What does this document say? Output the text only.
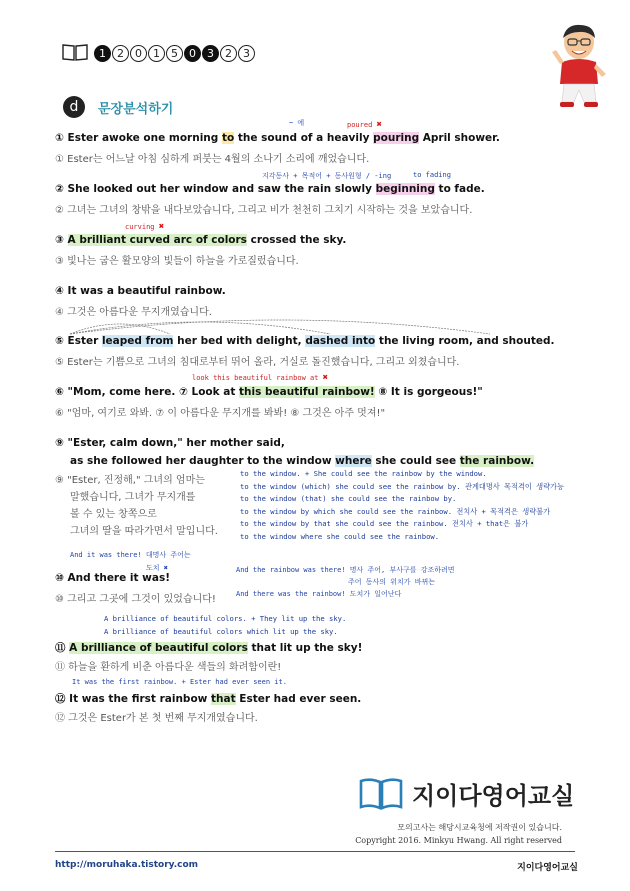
1 2 0 1 5 0 3 2 3
d	문장분석하기
~ 에	poured ✖
① Ester awoke one morning to the sound of a heavily pouring April shower.
① Ester는 어느날 아침 심하게 퍼붓는 4월의 소나기 소리에 깨었습니다.
지각동사 + 목적어 + 동사원형 / -ing	to fading
② She looked out her window and saw the rain slowly beginning to fade.
② 그녀는 그녀의 창밖을 내다보았습니다, 그리고 비가 천천히 그치기 시작하는 것을 보았습니다.
curving ✖
③ A brilliant curved arc of colors crossed the sky.
③ 빛나는 굽은 활모양의 빛들이 하늘을 가로질렀습니다.
④ It was a beautiful rainbow.
④ 그것은 아름다운 무지개였습니다.
⑤ Ester leaped from her bed with delight, dashed into the living room, and shouted.
⑤ Ester는 기쁨으로 그녀의 침대로부터 뛰어 올라, 거실로 돌진했습니다, 그리고 외쳤습니다.
look this beautiful rainbow at ✖
⑥ "Mom, come here. ⑦ Look at this beautiful rainbow! ⑧ It is gorgeous!"
⑥ "엄마, 여기로 와봐. ⑦ 이 아름다운 무지개를 봐봐! ⑧ 그것은 아주 멋져!"
⑨ "Ester, calm down," her mother said,
as she followed her daughter to the window where she could see the rainbow.
⑨ "Ester, 진정해," 그녀의 엄마는
말했습니다, 그녀가 무지개를
볼 수 있는 창쪽으로
그녀의 딸을 따라가면서 말입니다.
to the window. + She could see the rainbow by the window.
to the window (which) she could see the rainbow by. 관계대명사 목적격이 생략가능
to the window (that) she could see the rainbow by.
to the window by which she could see the rainbow. 전치사 + 목적격은 생략불가
to the window by that she could see the rainbow. 전치사 + that은 불가
to the window where she could see the rainbow.
And it was there! 대명사 주어는
도치 ✖	And the rainbow was there! 명사 주어, 부사구를 강조하려면
주어 동사의 위치가 바뀌는
And there was the rainbow! 도치가 일어난다
⑩ And there it was!
⑩ 그리고 그곳에 그것이 있었습니다!
A brilliance of beautiful colors. + They lit up the sky.
A brilliance of beautiful colors which lit up the sky.
⑪ A brilliance of beautiful colors that lit up the sky!
⑪ 하늘을 환하게 비춘 아름다운 색들의 화려함이란!
It was the first rainbow. + Ester had ever seen it.
⑫ It was the first rainbow that Ester had ever seen.
⑫ 그것은 Ester가 본 첫 번째 무지개였습니다.
지이다영어교실
모의고사는 해당시교육청에 저작권이 있습니다.
Copyright 2016. Minkyu Hwang. All right reserved
http://moruhaka.tistory.com	지이다영어교실
